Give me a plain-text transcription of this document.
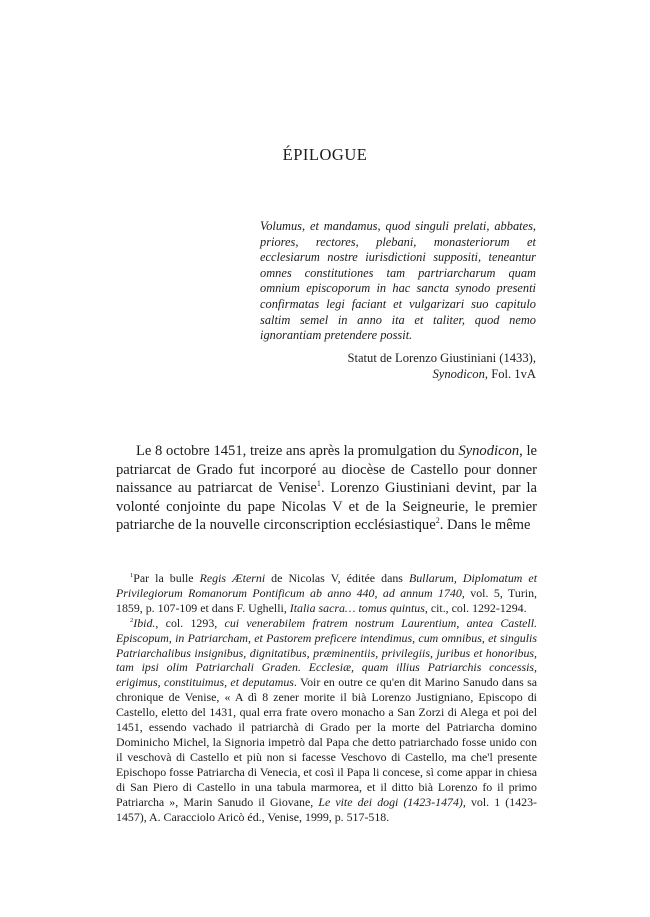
ÉPILOGUE
Volumus, et mandamus, quod singuli prelati, abbates, priores, rectores, plebani, monasteriorum et ecclesiarum nostre iurisdictioni suppositi, teneantur omnes constitutiones tam partriarcharum quam omnium episcoporum in hac sancta synodo presenti confirmatas legi faciant et vulgarizari suo capitulo saltim semel in anno ita et taliter, quod nemo ignorantiam pretendere possit.
Statut de Lorenzo Giustiniani (1433),
Synodicon, Fol. 1vA
Le 8 octobre 1451, treize ans après la promulgation du Synodicon, le patriarcat de Grado fut incorporé au diocèse de Castello pour donner naissance au patriarcat de Venise$^1$. Lorenzo Giustiniani devint, par la volonté conjointe du pape Nicolas V et de la Seigneurie, le premier patriarche de la nouvelle circonscription ecclésiastique$^2$. Dans le même

$^1$Par la bulle Regis Æterni de Nicolas V, éditée dans Bullarum, Diplomatum et Privilegiorum Romanorum Pontificum ab anno 440, ad annum 1740, vol. 5, Turin, 1859, p. 107-109 et dans F. Ughelli, Italia sacra… tomus quintus, cit., col. 1292-1294.

$^2$Ibid., col. 1293, cui venerabilem fratrem nostrum Laurentium, antea Castell. Episcopum, in Patriarcham, et Pastorem preficere intendimus, cum omnibus, et singulis Patriarchalibus insignibus, dignitatibus, præminentiis, privilegiis, juribus et honoribus, tam ipsi olim Patriarchali Graden. Ecclesiæ, quam illius Patriarchis concessis, erigimus, constituimus, et deputamus. Voir en outre ce qu'en dit Marino Sanudo dans sa chronique de Venise, « A dì 8 zener morite il bià Lorenzo Justigniano, Episcopo di Castello, eletto del 1431, qual erra frate overo monacho a San Zorzi di Alega et poi del 1451, essendo vachado il patriarchà di Grado per la morte del Patriarcha domino Dominicho Michel, la Signoria impetrò dal Papa che detto patriarchado fosse unido con il veschovà di Castello et più non si facesse Veschovo di Castello, ma che'l presente Epischopo fosse Patriarcha di Venecia, et così il Papa li concese, sì come appar in chiesa di San Piero di Castello in una tabula marmorea, et il ditto bià Lorenzo fo il primo Patriarcha », Marin Sanudo il Giovane, Le vite dei dogi (1423-1474), vol. 1 (1423-1457), A. Caracciolo Aricò éd., Venise, 1999, p. 517-518.
